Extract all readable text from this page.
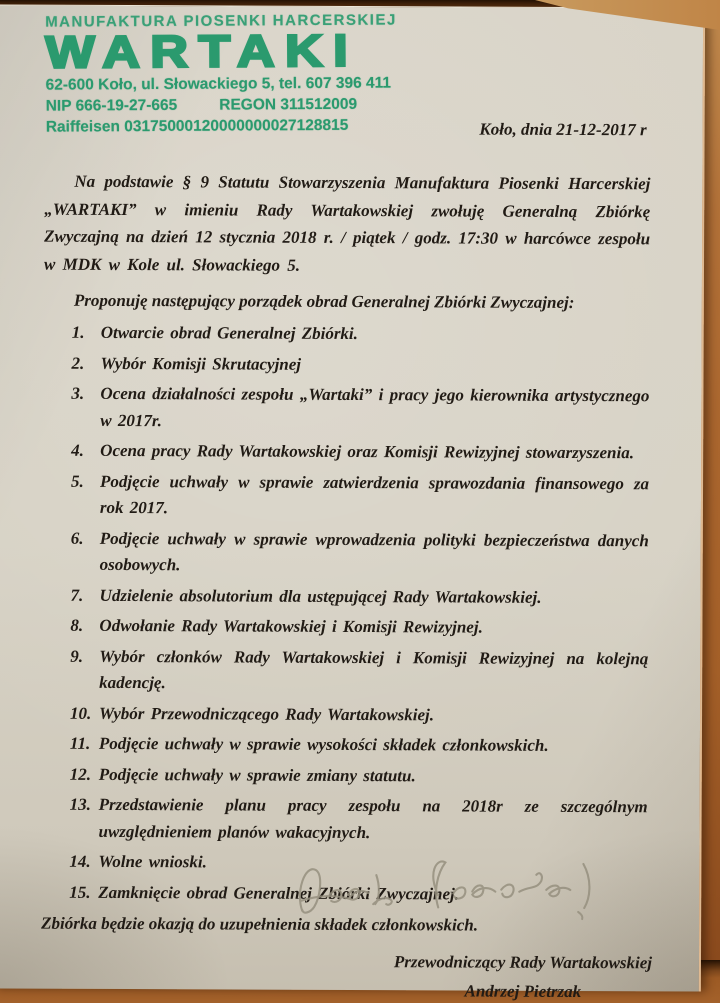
MANUFAKTURA PIOSENKI HARCERSKIEJ
WARTAKI
62-600 Koło, ul. Słowackiego 5, tel. 607 396 411
NIP 666-19-27-665	REGON 311512009
Raiffeisen 03175000120000000027128815	Koło, dnia 21-12-2017 r

Na podstawie § 9 Statutu Stowarzyszenia Manufaktura Piosenki Harcerskiej „WARTAKI” w imieniu Rady Wartakowskiej zwołuję Generalną Zbiórkę Zwyczajną na dzień 12 stycznia 2018 r. / piątek / godz. 17:30 w harcówce zespołu w MDK w Kole ul. Słowackiego 5.

Proponuję następujący porządek obrad Generalnej Zbiórki Zwyczajnej:

1. Otwarcie obrad Generalnej Zbiórki.
2. Wybór Komisji Skrutacyjnej
3. Ocena działalności zespołu „Wartaki” i pracy jego kierownika artystycznego w 2017r.
4. Ocena pracy Rady Wartakowskiej oraz Komisji Rewizyjnej stowarzyszenia.
5. Podjęcie uchwały w sprawie zatwierdzenia sprawozdania finansowego za rok 2017.
6. Podjęcie uchwały w sprawie wprowadzenia polityki bezpieczeństwa danych osobowych.
7. Udzielenie absolutorium dla ustępującej Rady Wartakowskiej.
8. Odwołanie Rady Wartakowskiej i Komisji Rewizyjnej.
9. Wybór członków Rady Wartakowskiej i Komisji Rewizyjnej na kolejną kadencję.
10. Wybór Przewodniczącego Rady Wartakowskiej.
11. Podjęcie uchwały w sprawie wysokości składek członkowskich.
12. Podjęcie uchwały w sprawie zmiany statutu.
13. Przedstawienie planu pracy zespołu na 2018r ze szczególnym uwzględnieniem planów wakacyjnych.
14. Wolne wnioski.
15. Zamknięcie obrad Generalnej Zbiórki Zwyczajnej.

Zbiórka będzie okazją do uzupełnienia składek członkowskich.

Przewodniczący Rady Wartakowskiej
Andrzej Pietrzak
